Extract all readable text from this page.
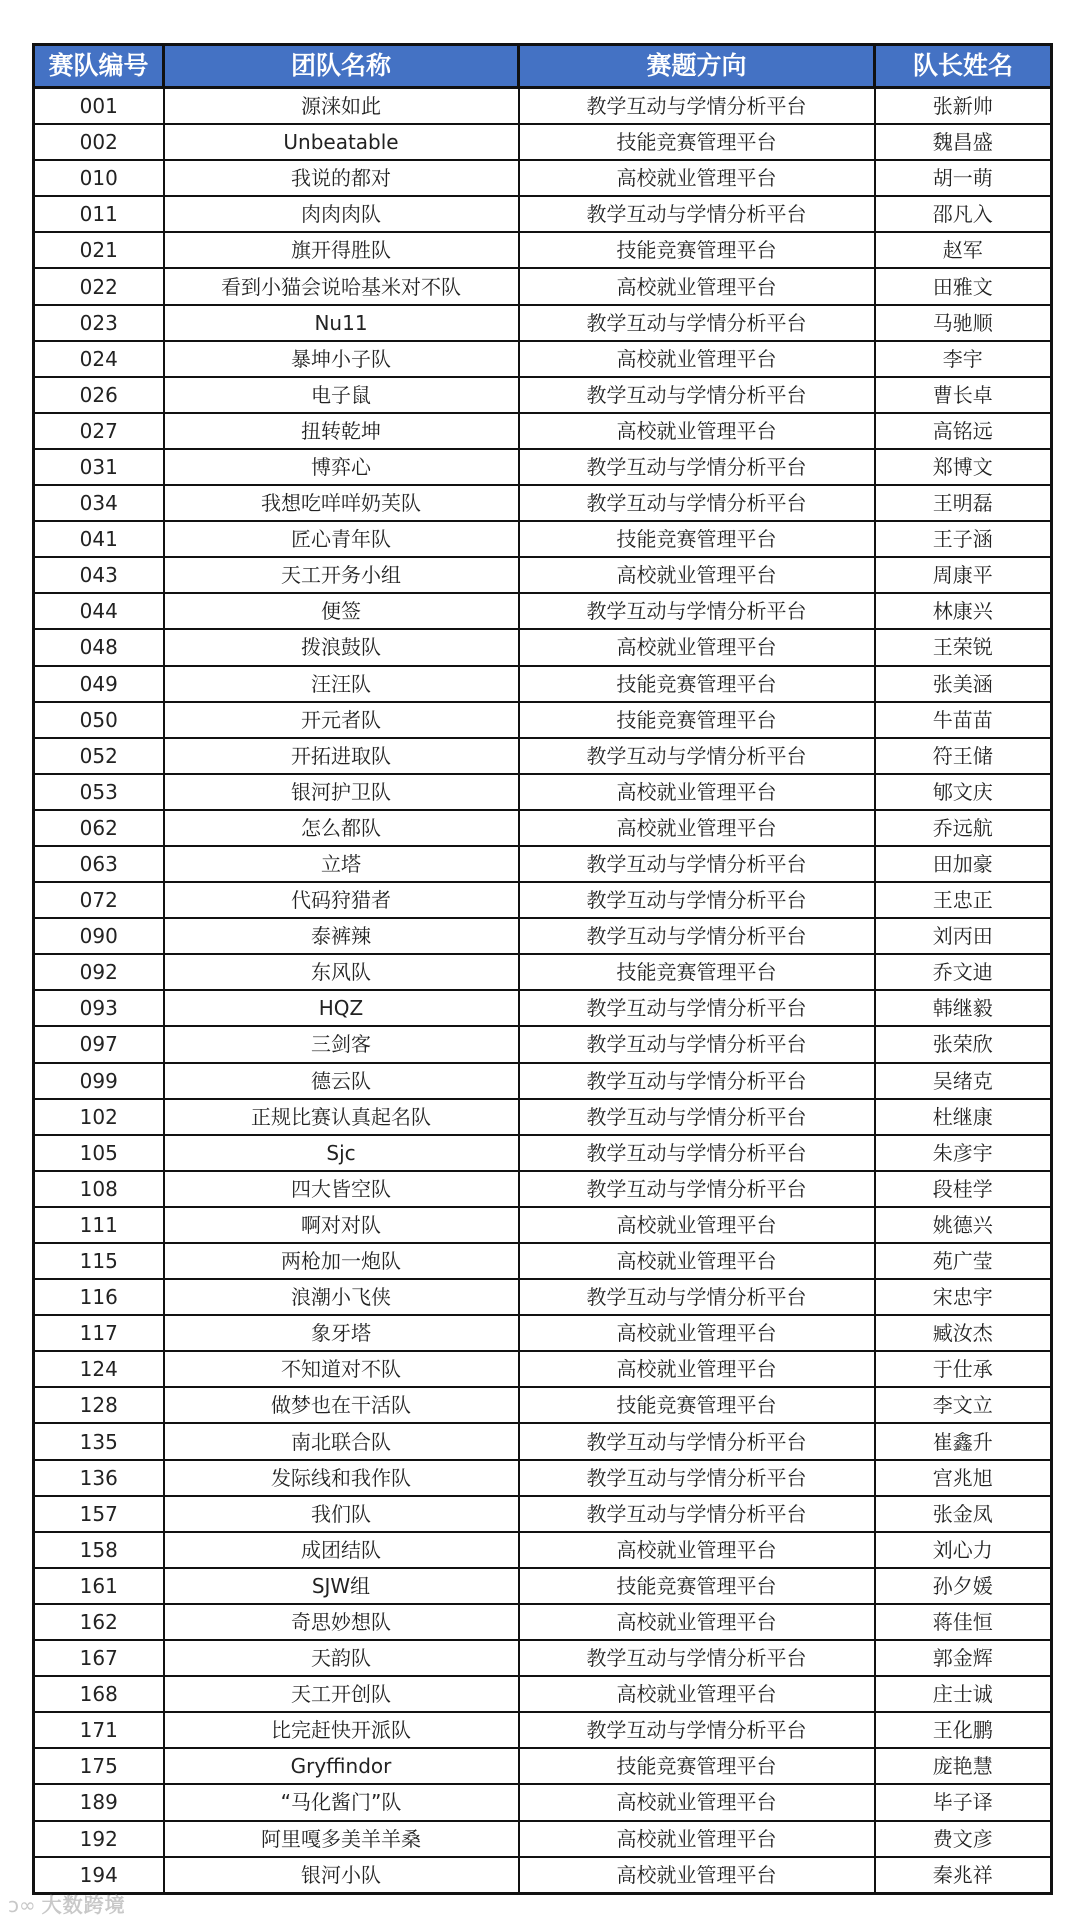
赛队编号	团队名称	赛题方向	队长姓名
001	源涞如此	教学互动与学情分析平台	张新帅
002	Unbeatable	技能竞赛管理平台	魏昌盛
010	我说的都对	高校就业管理平台	胡一萌
011	肉肉肉队	教学互动与学情分析平台	邵凡入
021	旗开得胜队	技能竞赛管理平台	赵军
022	看到小猫会说哈基米对不队	高校就业管理平台	田雅文
023	Nu11	教学互动与学情分析平台	马驰顺
024	暴坤小子队	高校就业管理平台	李宇
026	电子鼠	教学互动与学情分析平台	曹长卓
027	扭转乾坤	高校就业管理平台	高铭远
031	博弈心	教学互动与学情分析平台	郑博文
034	我想吃咩咩奶芙队	教学互动与学情分析平台	王明磊
041	匠心青年队	技能竞赛管理平台	王子涵
043	天工开务小组	高校就业管理平台	周康平
044	便签	教学互动与学情分析平台	林康兴
048	拨浪鼓队	高校就业管理平台	王荣锐
049	汪汪队	技能竞赛管理平台	张美涵
050	开元者队	技能竞赛管理平台	牛苗苗
052	开拓进取队	教学互动与学情分析平台	符王储
053	银河护卫队	高校就业管理平台	郇文庆
062	怎么都队	高校就业管理平台	乔远航
063	立塔	教学互动与学情分析平台	田加豪
072	代码狩猎者	教学互动与学情分析平台	王忠正
090	泰裤辣	教学互动与学情分析平台	刘丙田
092	东风队	技能竞赛管理平台	乔文迪
093	HQZ	教学互动与学情分析平台	韩继毅
097	三剑客	教学互动与学情分析平台	张荣欣
099	德云队	教学互动与学情分析平台	吴绪克
102	正规比赛认真起名队	教学互动与学情分析平台	杜继康
105	Sjc	教学互动与学情分析平台	朱彦宇
108	四大皆空队	教学互动与学情分析平台	段桂学
111	啊对对队	高校就业管理平台	姚德兴
115	两枪加一炮队	高校就业管理平台	苑广莹
116	浪潮小飞侠	教学互动与学情分析平台	宋忠宇
117	象牙塔	高校就业管理平台	臧汝杰
124	不知道对不队	高校就业管理平台	于仕承
128	做梦也在干活队	技能竞赛管理平台	李文立
135	南北联合队	教学互动与学情分析平台	崔鑫升
136	发际线和我作队	教学互动与学情分析平台	宫兆旭
157	我们队	教学互动与学情分析平台	张金凤
158	成团结队	高校就业管理平台	刘心力
161	SJW组	技能竞赛管理平台	孙夕媛
162	奇思妙想队	高校就业管理平台	蒋佳恒
167	天韵队	教学互动与学情分析平台	郭金辉
168	天工开创队	高校就业管理平台	庄士诚
171	比完赶快开派队	教学互动与学情分析平台	王化鹏
175	Gryffindor	技能竞赛管理平台	庞艳慧
189	“马化酱门”队	高校就业管理平台	毕子译
192	阿里嘎多美羊羊桑	高校就业管理平台	费文彦
194	银河小队	高校就业管理平台	秦兆祥
ↄ∞ 大数跨境
